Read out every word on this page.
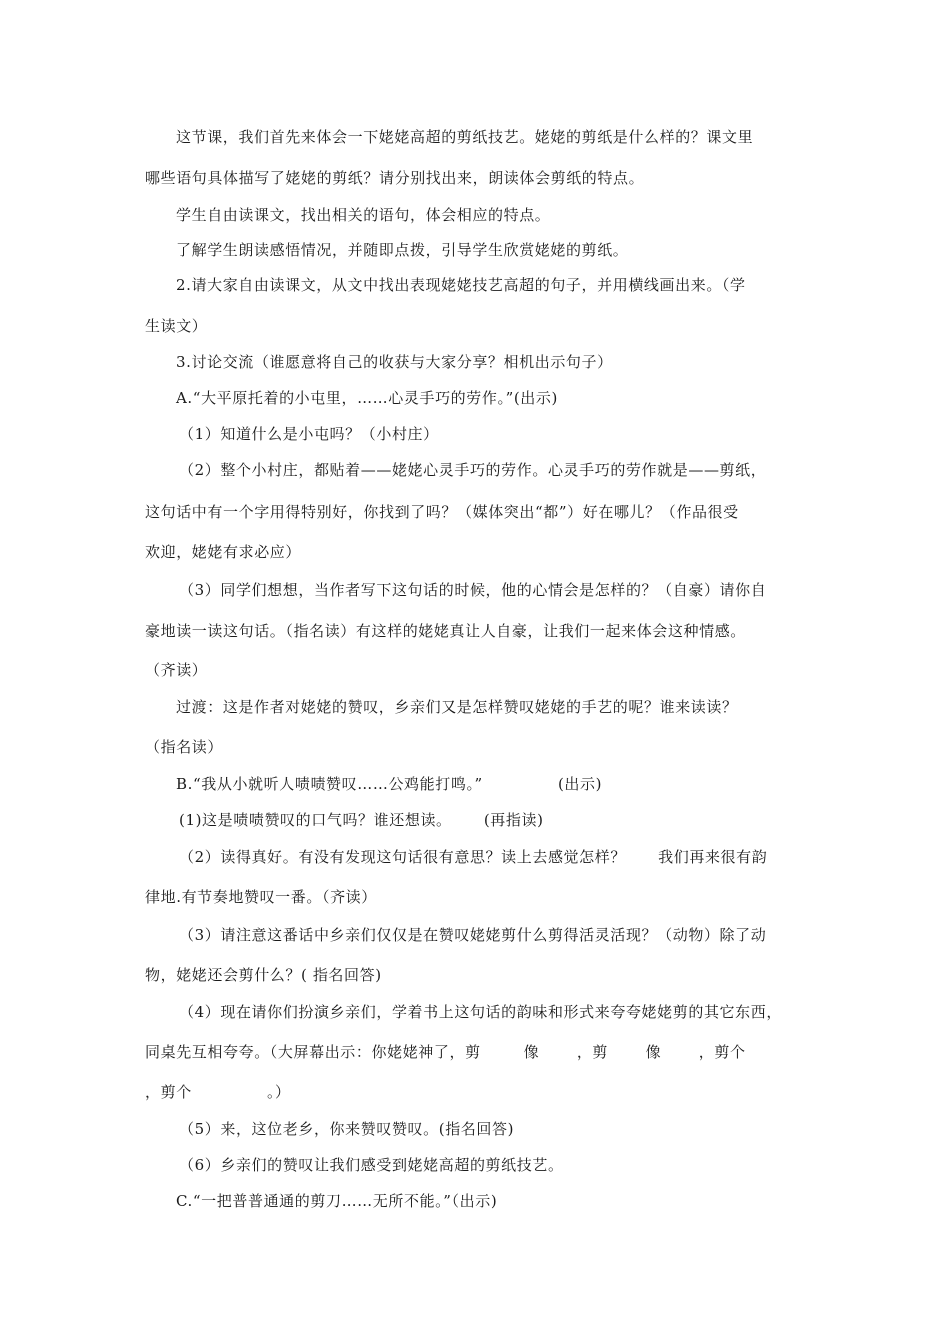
这节课，我们首先来体会一下姥姥高超的剪纸技艺。姥姥的剪纸是什么样的？课文里
哪些语句具体描写了姥姥的剪纸？请分别找出来，朗读体会剪纸的特点。
学生自由读课文，找出相关的语句，体会相应的特点。
了解学生朗读感悟情况，并随即点拨，引导学生欣赏姥姥的剪纸。
2.请大家自由读课文，从文中找出表现姥姥技艺高超的句子，并用横线画出来。（学
生读文）
3.讨论交流（谁愿意将自己的收获与大家分享？相机出示句子）
A.“大平原托着的小屯里，……心灵手巧的劳作。”(出示)
（1）知道什么是小屯吗？（小村庄）
（2）整个小村庄，都贴着——姥姥心灵手巧的劳作。心灵手巧的劳作就是——剪纸，
这句话中有一个字用得特别好，你找到了吗？（媒体突出“都”）好在哪儿？（作品很受
欢迎，姥姥有求必应）
（3）同学们想想，当作者写下这句话的时候，他的心情会是怎样的？（自豪）请你自
豪地读一读这句话。（指名读）有这样的姥姥真让人自豪，让我们一起来体会这种情感。
（齐读）
过渡：这是作者对姥姥的赞叹，乡亲们又是怎样赞叹姥姥的手艺的呢？谁来读读？
（指名读）
B.“我从小就听人啧啧赞叹……公鸡能打鸣。”              (出示)
(1)这是啧啧赞叹的口气吗？谁还想读。      (再指读)
（2）读得真好。有没有发现这句话很有意思？读上去感觉怎样？      我们再来很有韵
律地.有节奏地赞叹一番。（齐读）
（3）请注意这番话中乡亲们仅仅是在赞叹姥姥剪什么剪得活灵活现？（动物）除了动
物，姥姥还会剪什么？( 指名回答)
（4）现在请你们扮演乡亲们，学着书上这句话的韵味和形式来夸夸姥姥剪的其它东西，
同桌先互相夸夸。（大屏幕出示：你姥姥神了，剪        像       ，剪       像       ，剪个
，剪个              。）
（5）来，这位老乡，你来赞叹赞叹。(指名回答)
（6）乡亲们的赞叹让我们感受到姥姥高超的剪纸技艺。
C.“一把普普通通的剪刀……无所不能。”（出示)
